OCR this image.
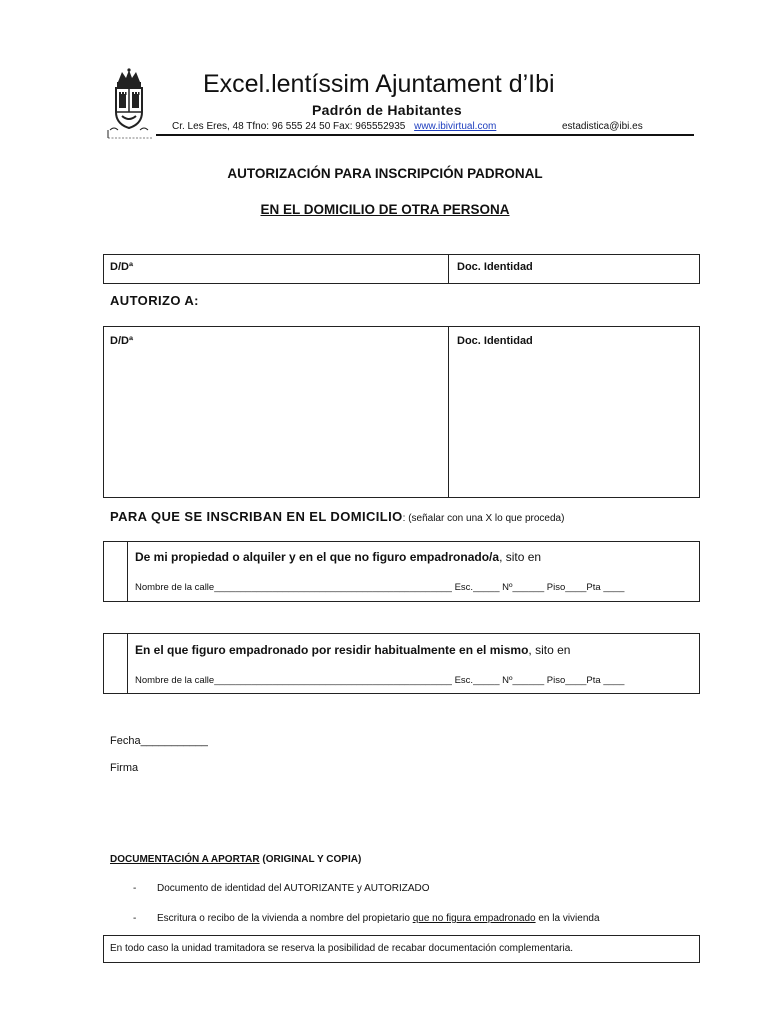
Excel.lentíssim Ajuntament d’Ibi
Padrón de Habitantes
Cr. Les Eres, 48 Tfno: 96 555 24 50 Fax: 965552935 www.ibivirtual.com	estadistica@ibi.es
AUTORIZACIÓN PARA INSCRIPCIÓN PADRONAL
EN EL DOMICILIO DE OTRA PERSONA
D/Dª	Doc. Identidad
AUTORIZO A:
D/Dª	Doc. Identidad
PARA QUE SE INSCRIBAN EN EL DOMICILIO: (señalar con una X lo que proceda)
De mi propiedad o alquiler y en el que no figuro empadronado/a, sito en
Nombre de la calle_____________________________________________ Esc._____ Nº______ Piso____Pta ____
En el que figuro empadronado por residir habitualmente en el mismo, sito en
Nombre de la calle_____________________________________________ Esc._____ Nº______ Piso____Pta ____
Fecha___________
Firma
DOCUMENTACIÓN A APORTAR (ORIGINAL Y COPIA)
- Documento de identidad del AUTORIZANTE y AUTORIZADO
- Escritura o recibo de la vivienda a nombre del propietario que no figura empadronado en la vivienda
En todo caso la unidad tramitadora se reserva la posibilidad de recabar documentación complementaria.
